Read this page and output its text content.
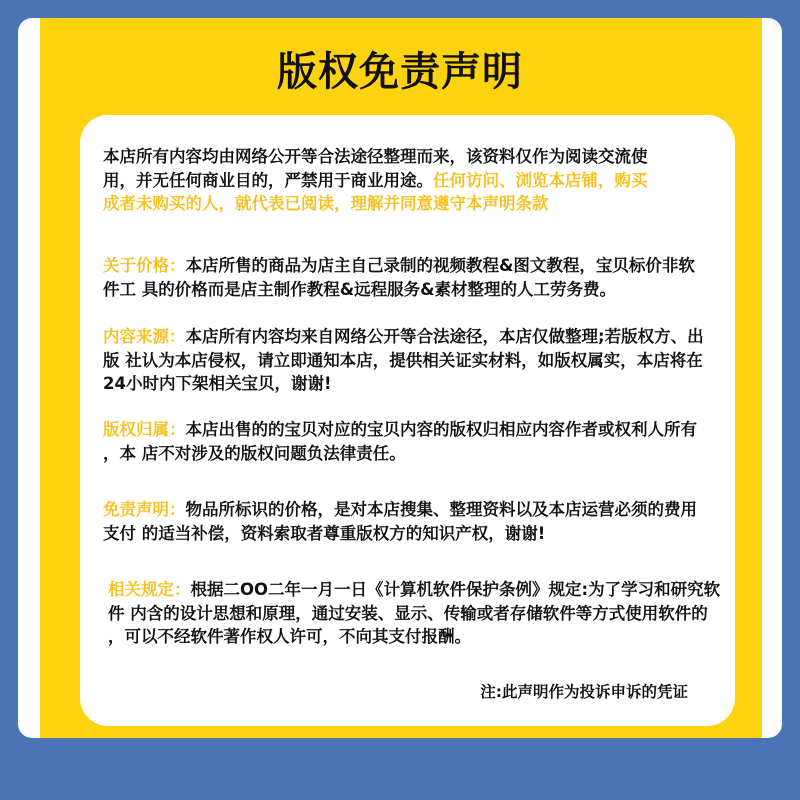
版权免责声明
本店所有内容均由网络公开等合法途径整理而来，该资料仅作为阅读交流使
用，并无任何商业目的，严禁用于商业用途。任何访问、浏览本店铺，购买
成者未购买的人，就代表已阅读，理解并同意遵守本声明条款
关于价格：本店所售的商品为店主自己录制的视频教程&图文教程，宝贝标价非软
件工 具的价格而是店主制作教程&远程服务&素材整理的人工劳务费。
内容来源：本店所有内容均来自网络公开等合法途径，本店仅做整理;若版权方、出
版 社认为本店侵权，请立即通知本店，提供相关证实材料，如版权属实，本店将在
24小时内下架相关宝贝，谢谢!
版权归属：本店出售的的宝贝对应的宝贝内容的版权归相应内容作者或权利人所有
，本 店不对涉及的版权问题负法律责任。
免责声明：物品所标识的价格，是对本店搜集、整理资料以及本店运营必须的费用
支付 的适当补偿，资料索取者尊重版权方的知识产权，谢谢!
相关规定：根据二OO二年一月一日《计算机软件保护条例》规定:为了学习和研究软
件 内含的设计思想和原理，通过安装、显示、传输或者存储软件等方式使用软件的
，可以不经软件著作权人许可，不向其支付报酬。
注:此声明作为投诉申诉的凭证
